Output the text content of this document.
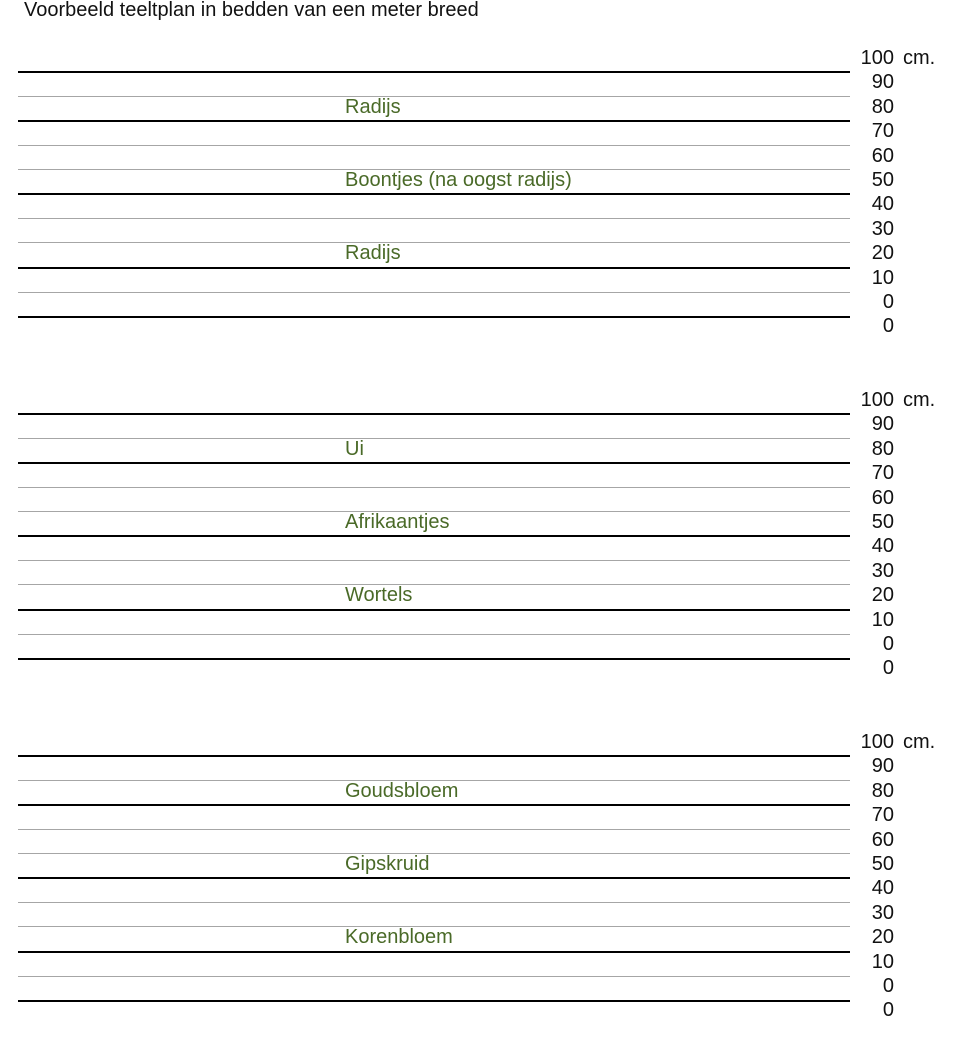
Voorbeeld teeltplan in bedden van een meter breed
100
90
80
70
60
50
40
30
20
10
0
0
cm.
Radijs
Boontjes (na oogst radijs)
Radijs
100
90
80
70
60
50
40
30
20
10
0
0
cm.
Ui
Afrikaantjes
Wortels
100
90
80
70
60
50
40
30
20
10
0
0
cm.
Goudsbloem
Gipskruid
Korenbloem
